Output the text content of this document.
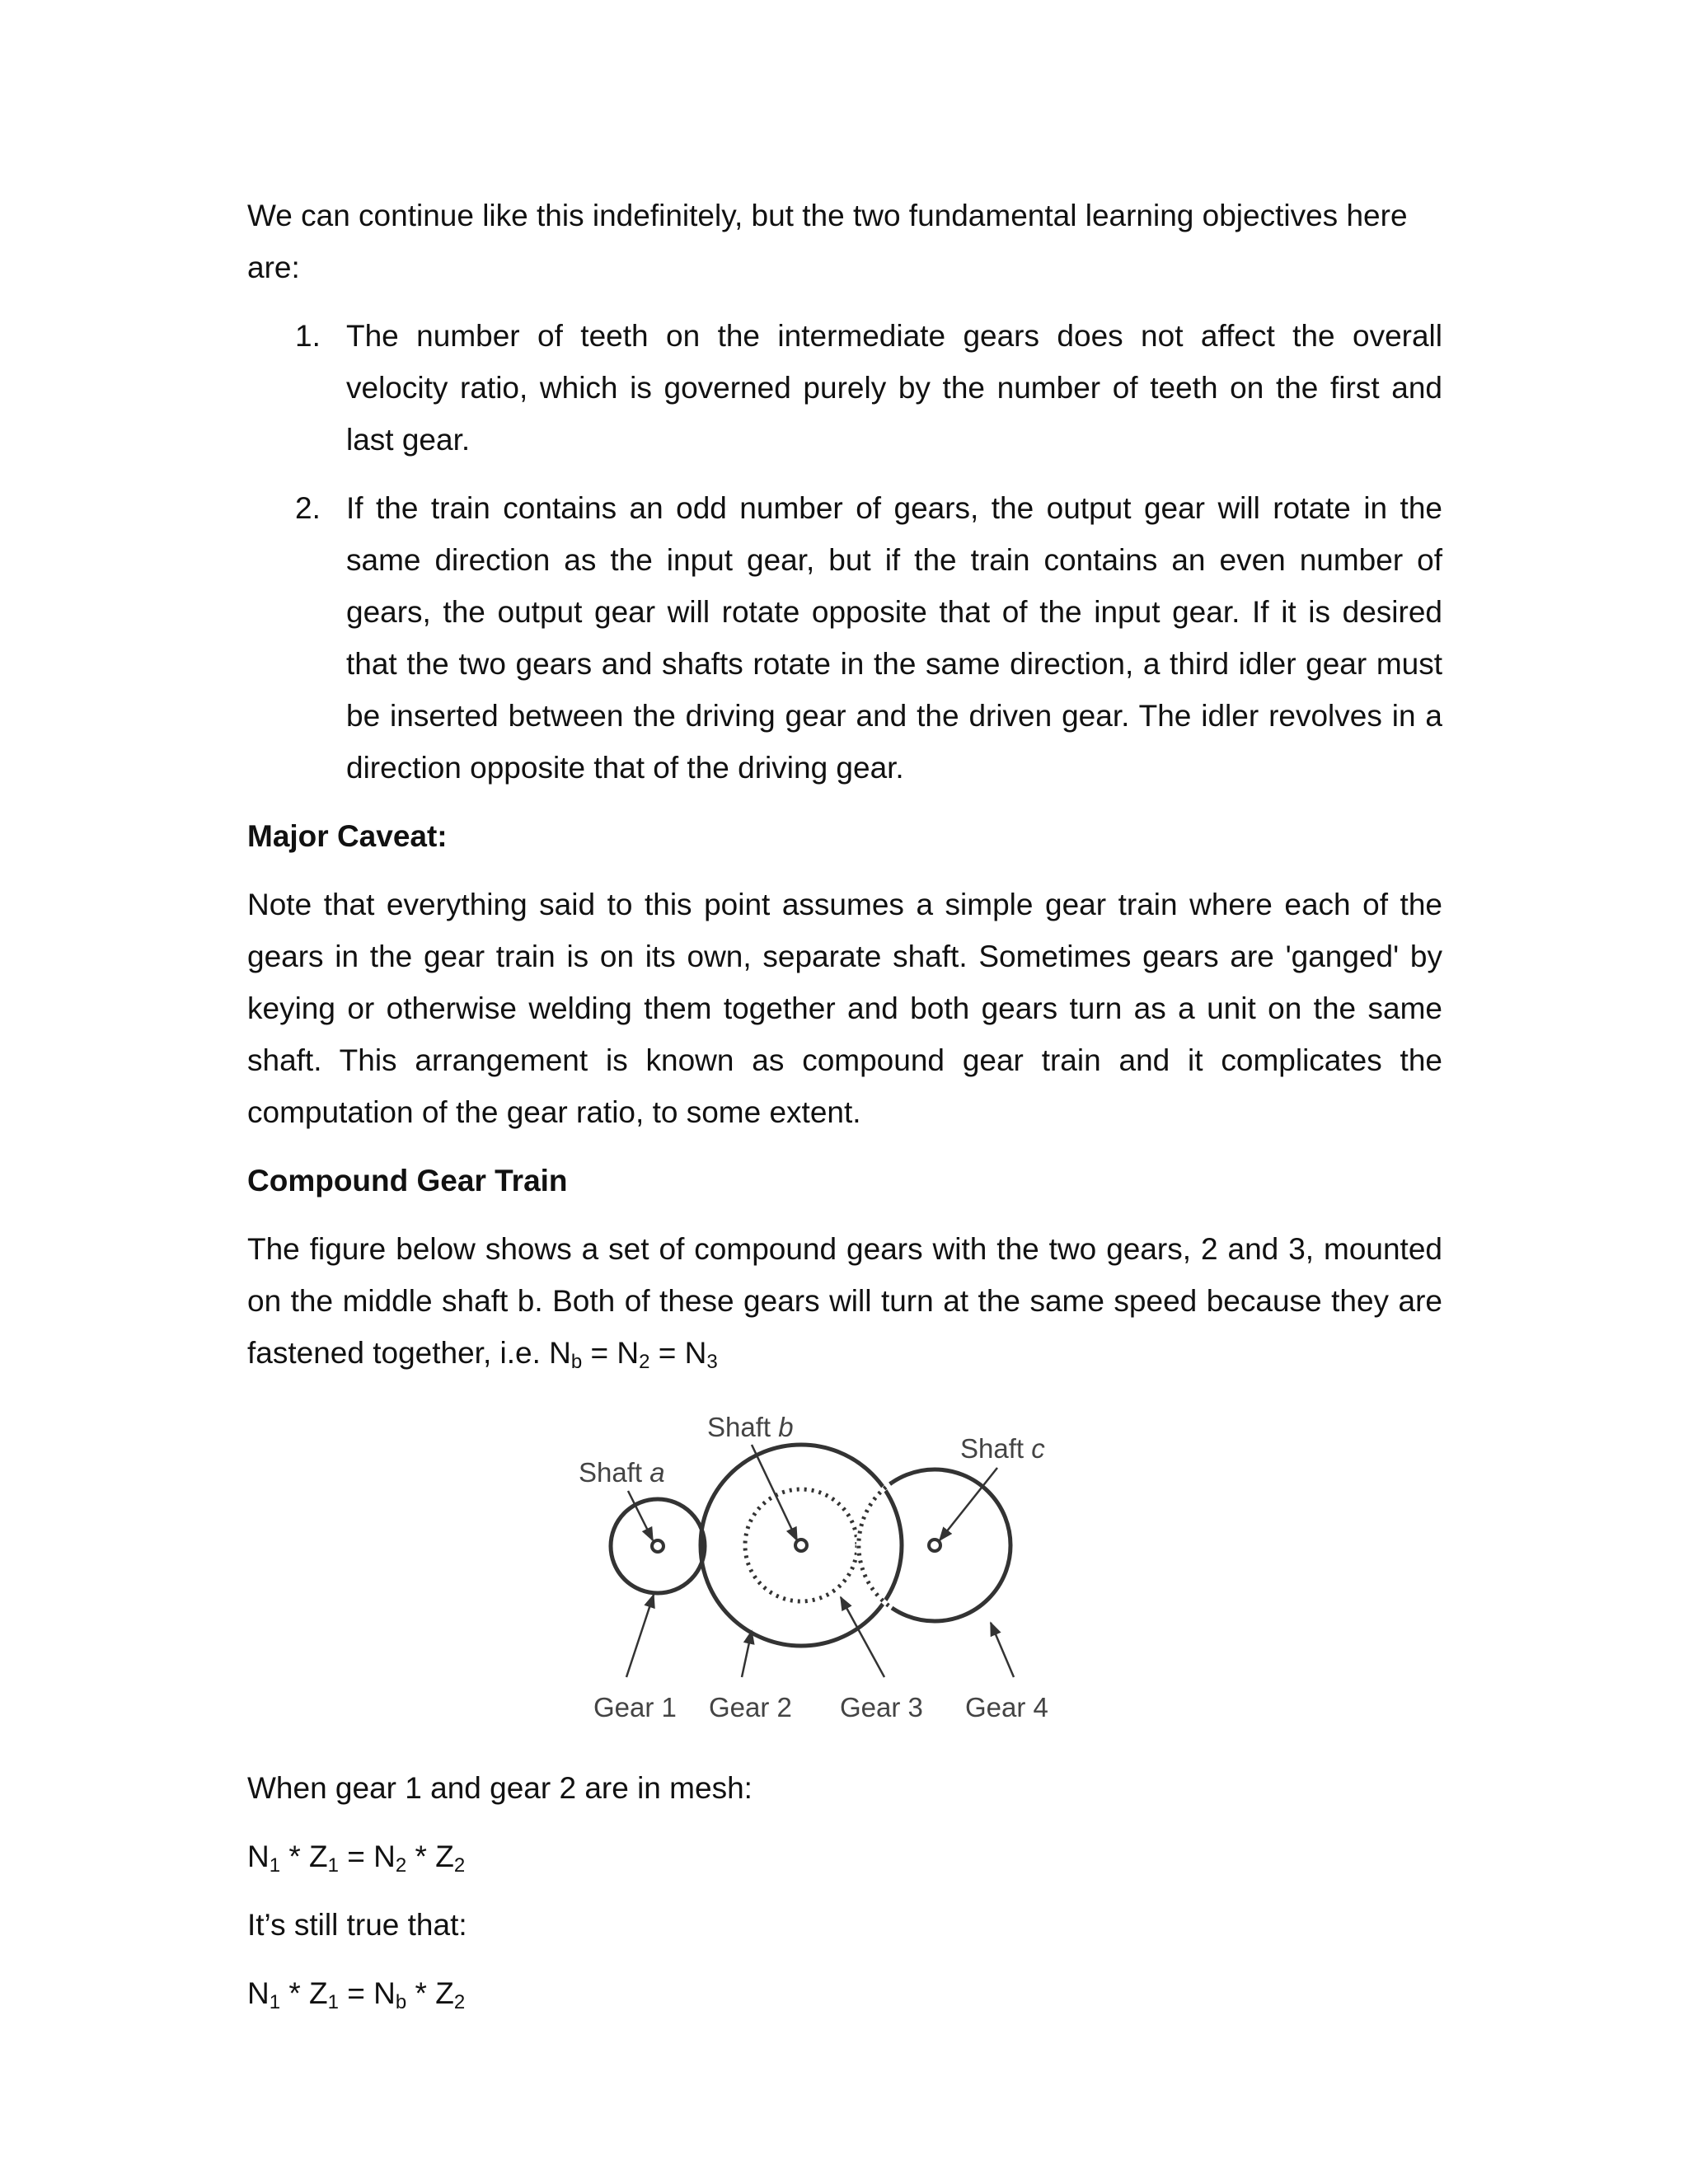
We can continue like this indefinitely, but the two fundamental learning objectives here are:

1. The number of teeth on the intermediate gears does not affect the overall velocity ratio, which is governed purely by the number of teeth on the first and last gear.
2. If the train contains an odd number of gears, the output gear will rotate in the same direction as the input gear, but if the train contains an even number of gears, the output gear will rotate opposite that of the input gear. If it is desired that the two gears and shafts rotate in the same direction, a third idler gear must be inserted between the driving gear and the driven gear. The idler revolves in a direction opposite that of the driving gear.
Major Caveat:

Note that everything said to this point assumes a simple gear train where each of the gears in the gear train is on its own, separate shaft. Sometimes gears are 'ganged' by keying or otherwise welding them together and both gears turn as a unit on the same shaft. This arrangement is known as compound gear train and it complicates the computation of the gear ratio, to some extent.

Compound Gear Train

The figure below shows a set of compound gears with the two gears, 2 and 3, mounted on the middle shaft b. Both of these gears will turn at the same speed because they are fastened together, i.e. $N_b = N_2 = N_3$

Shaft a
Shaft b
Shaft c
Gear 1 Gear 2 Gear 3 Gear 4

When gear 1 and gear 2 are in mesh:

$N_1 * Z_1 = N_2 * Z_2$

It’s still true that:

$N_1 * Z_1 = N_b * Z_2$
